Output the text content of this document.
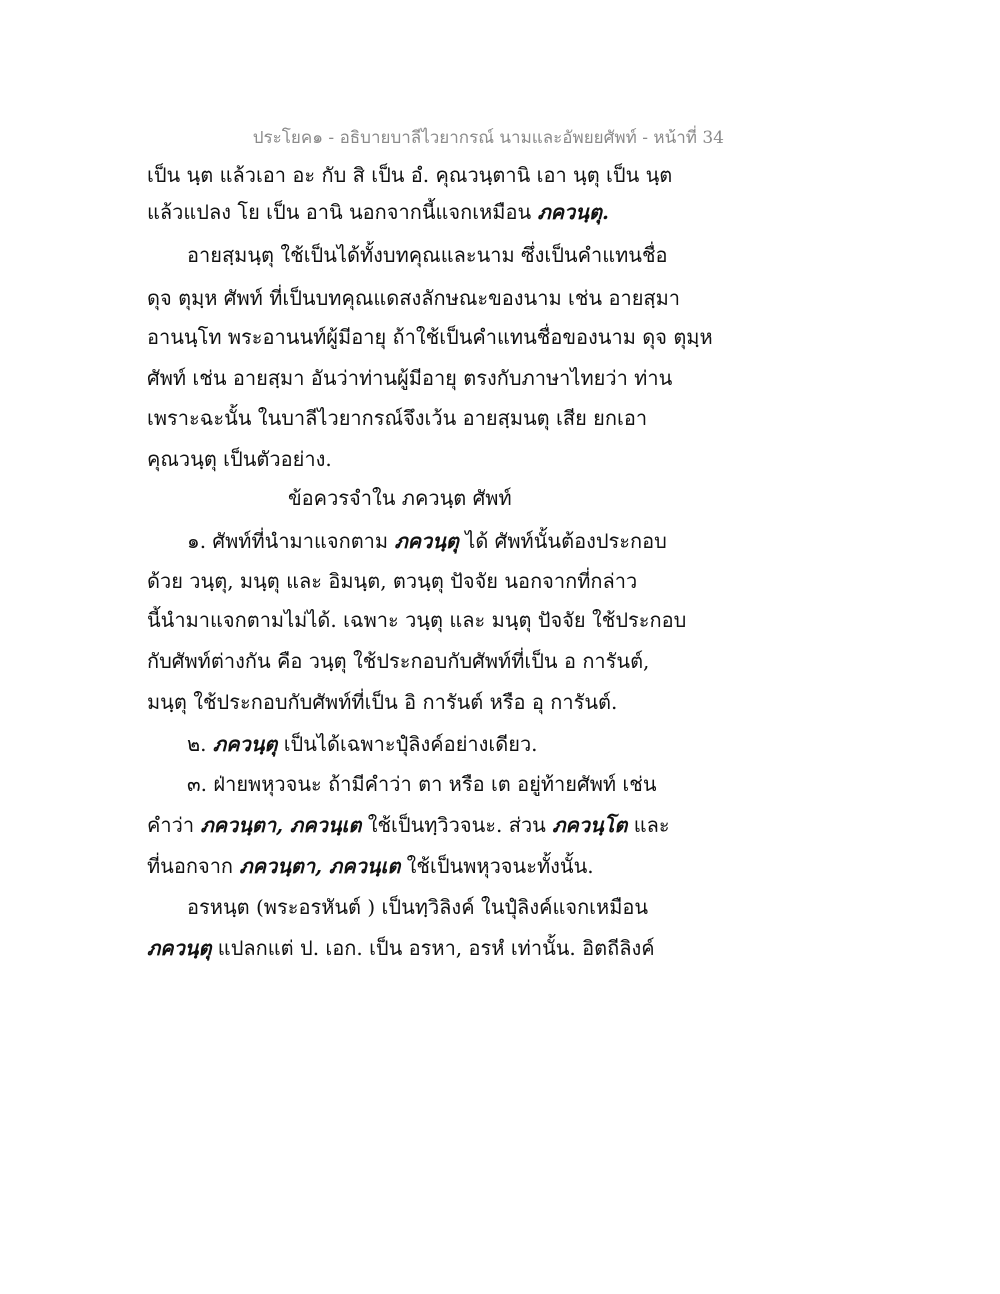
ประโยค๑ - อธิบายบาลีไวยากรณ์ นามและอัพยยศัพท์ - หน้าที่ 34
เป็น นฺต แล้วเอา อะ กับ สิ เป็น อํ. คุณวนฺตานิ เอา นฺตุ เป็น นฺต
แล้วแปลง โย เป็น อานิ นอกจากนี้แจกเหมือน ภควนฺตุ.
อายสฺมนฺตุ ใช้เป็นได้ทั้งบทคุณและนาม ซึ่งเป็นคำแทนชื่อ
ดุจ ตุมฺห ศัพท์ ที่เป็นบทคุณแดสงลักษณะของนาม เช่น อายสฺมา
อานนฺโท พระอานนท์ผู้มีอายุ ถ้าใช้เป็นคำแทนชื่อของนาม ดุจ ตุมฺห
ศัพท์ เช่น อายสฺมา อันว่าท่านผู้มีอายุ ตรงกับภาษาไทยว่า ท่าน
เพราะฉะนั้น ในบาลีไวยากรณ์จึงเว้น อายสฺมนตุ เสีย ยกเอา
คุณวนฺตุ เป็นตัวอย่าง.
ข้อควรจำใน ภควนฺต ศัพท์
๑. ศัพท์ที่นำมาแจกตาม ภควนฺตุ ได้ ศัพท์นั้นต้องประกอบ
ด้วย วนฺตุ, มนฺตุ และ อิมนฺต, ตวนฺตุ ปัจจัย นอกจากที่กล่าว
นี้นำมาแจกตามไม่ได้. เฉพาะ วนฺตุ และ มนฺตุ ปัจจัย ใช้ประกอบ
กับศัพท์ต่างกัน คือ วนฺตุ ใช้ประกอบกับศัพท์ที่เป็น อ การันต์,
มนฺตุ ใช้ประกอบกับศัพท์ที่เป็น อิ การันต์ หรือ อุ การันต์.
๒. ภควนฺตุ เป็นได้เฉพาะปุํลิงค์อย่างเดียว.
๓. ฝ่ายพหุวจนะ ถ้ามีคำว่า ตา หรือ เต อยู่ท้ายศัพท์ เช่น
คำว่า ภควนฺตา, ภควนฺเต ใช้เป็นทฺวิวจนะ. ส่วน ภควนฺโต และ
ที่นอกจาก ภควนฺตา, ภควนฺเต ใช้เป็นพหุวจนะทั้งนั้น.
อรหนฺต (พระอรหันต์ ) เป็นทฺวิลิงค์ ในปุํลิงค์แจกเหมือน
ภควนฺตุ แปลกแต่ ป. เอก. เป็น อรหา, อรหํ เท่านั้น. อิตถีลิงค์
